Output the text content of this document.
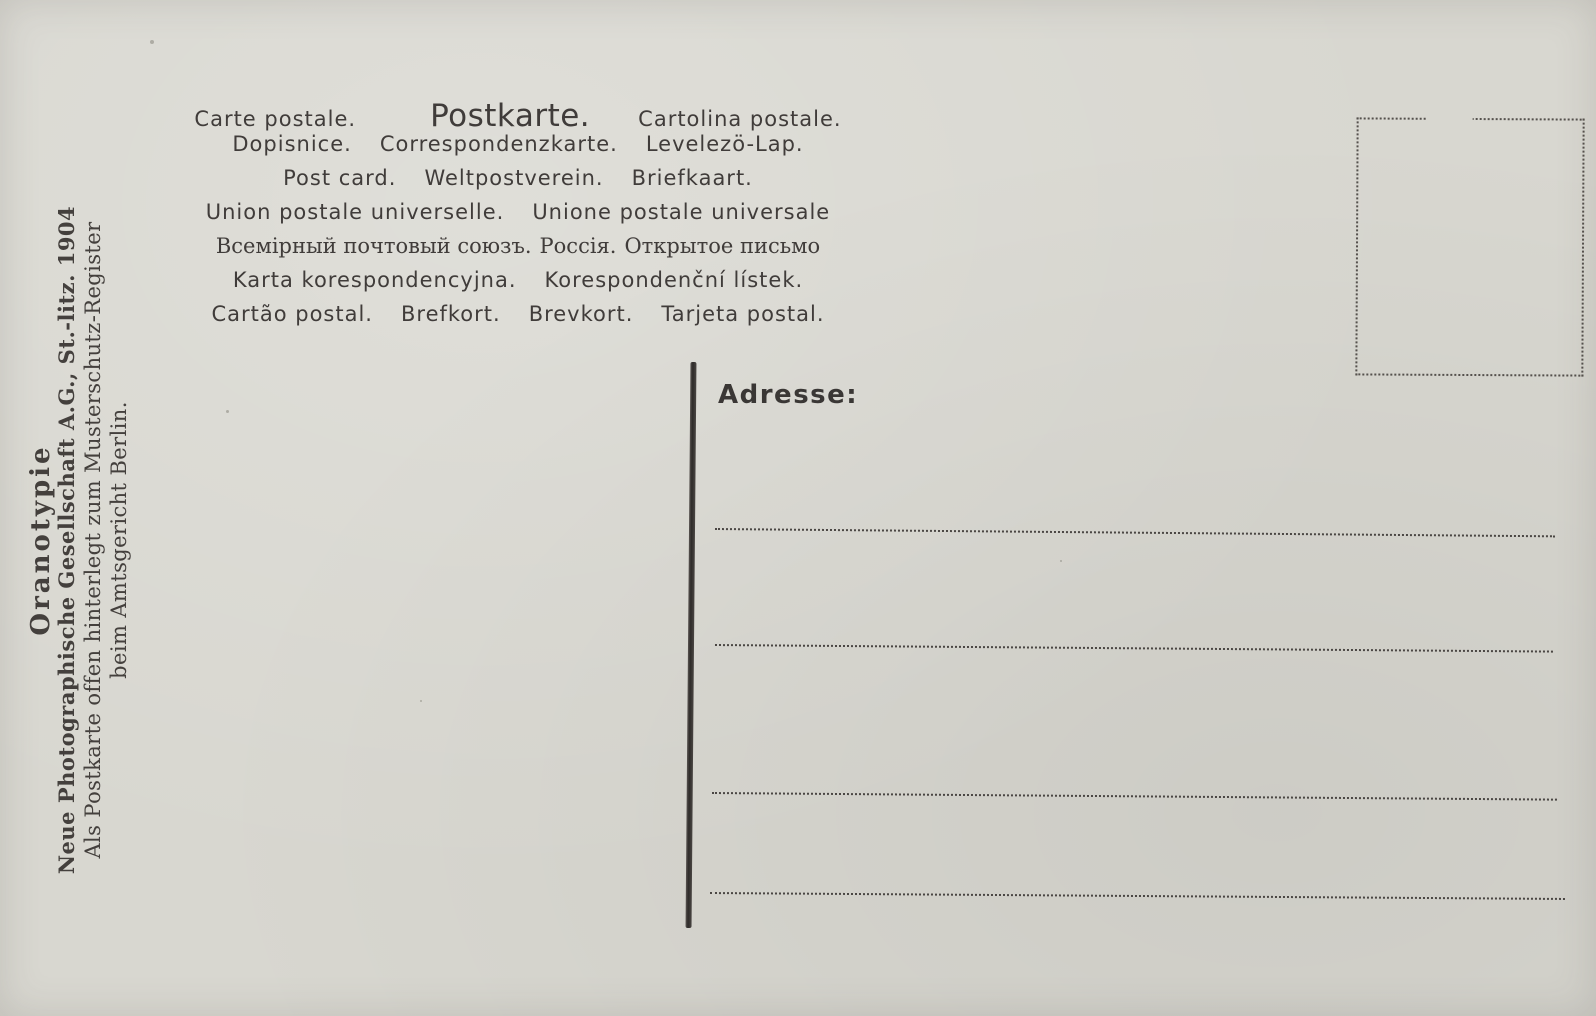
Oranotypie
Neue Photographische Gesellschaft A.G., St.-litz. 1904 Als Postkarte offen hinterlegt zum Musterschutz-Register beim Amtsgericht Berlin.
Carte postale. Postkarte. Cartolina postale.
Dopisnice. Correspondenzkarte. Levelezö-Lap.
Post card. Weltpostverein. Briefkaart.
Union postale universelle. Unione postale universale
Всемірный почтовый союзъ. Россія. Открытое письмо
Karta korespondencyjna. Korespondenční lístek.
Cartão postal. Brefkort. Brevkort. Tarjeta postal.
Adresse:
